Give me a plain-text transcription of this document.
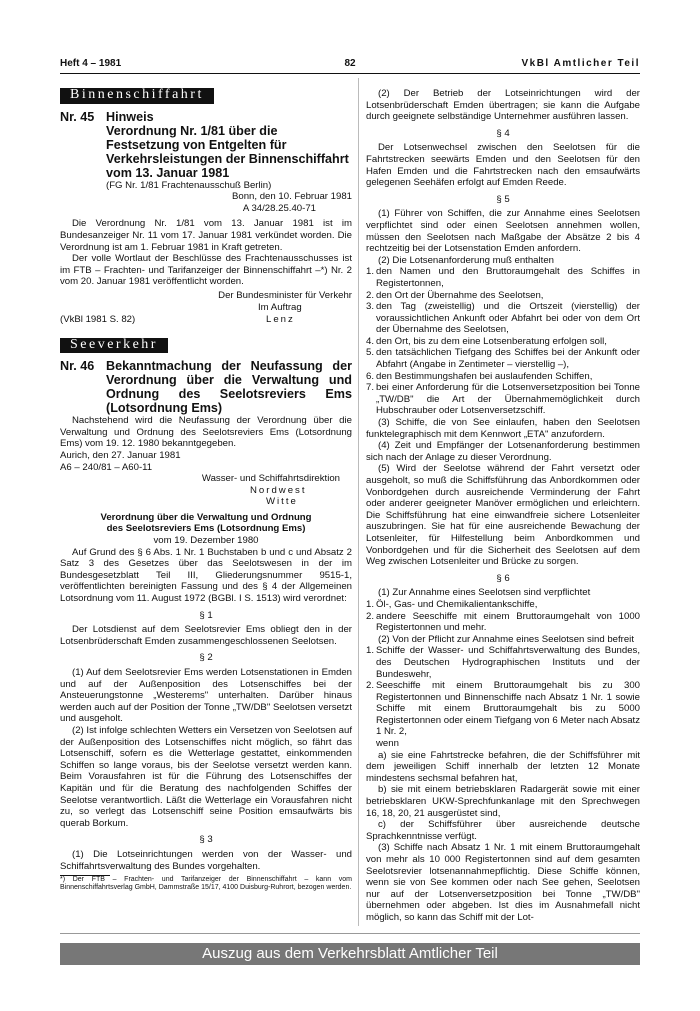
Heft 4 – 1981	82	VkBl Amtlicher Teil
Binnenschiffahrt
Nr. 45 Hinweis
Verordnung Nr. 1/81 über die Festsetzung von Entgelten für Verkehrsleistungen der Binnenschiffahrt vom 13. Januar 1981
(FG Nr. 1/81 Frachtenausschuß Berlin)
Bonn, den 10. Februar 1981
A 34/28.25.40-71

Die Verordnung Nr. 1/81 vom 13. Januar 1981 ist im Bundesanzeiger Nr. 11 vom 17. Januar 1981 verkündet worden. Die Verordnung ist am 1. Februar 1981 in Kraft getreten.

Der volle Wortlaut der Beschlüsse des Frachtenausschusses ist im FTB – Frachten- und Tarifanzeiger der Binnenschiffahrt –*) Nr. 2 vom 20. Januar 1981 veröffentlicht worden.

Der Bundesminister für Verkehr
(VkBl 1981 S. 82)
Im Auftrag
Lenz
Seeverkehr
Nr. 46 Bekanntmachung der Neufassung der Verordnung über die Verwaltung und Ordnung des Seelotsreviers Ems (Lotsordnung Ems)

Nachstehend wird die Neufassung der Verordnung über die Verwaltung und Ordnung des Seelotsreviers Ems (Lotsordnung Ems) vom 19. 12. 1980 bekanntgegeben.

Aurich, den 27. Januar 1981
A6 – 240/81 – A60-11
Wasser- und Schiffahrtsdirektion
Nordwest
Witte
Verordnung über die Verwaltung und Ordnung
des Seelotsreviers Ems (Lotsordnung Ems)
vom 19. Dezember 1980

Auf Grund des § 6 Abs. 1 Nr. 1 Buchstaben b und c und Absatz 2 Satz 3 des Gesetzes über das Seelotswesen in der im Bundesgesetzblatt Teil III, Gliederungsnummer 9515-1, veröffentlichten bereinigten Fassung und des § 4 der Allgemeinen Lotsordnung vom 11. August 1972 (BGBl. I S. 1513) wird verordnet:

§ 1

Der Lotsdienst auf dem Seelotsrevier Ems obliegt den in der Lotsenbrüderschaft Emden zusammengeschlossenen Seelotsen.

§ 2

(1) Auf dem Seelotsrevier Ems werden Lotsenstationen in Emden und auf der Außenposition des Lotsenschiffes bei der Ansteuerungstonne „Westerems" unterhalten. Darüber hinaus werden auch auf der Position der Tonne „TW/DB" Seelotsen versetzt und ausgeholt.

(2) Ist infolge schlechten Wetters ein Versetzen von Seelotsen auf der Außenposition des Lotsenschiffes nicht möglich, so fährt das Lotsenschiff, sofern es die Wetterlage gestattet, einkommenden Schiffen so lange voraus, bis der Seelotse versetzt werden kann. Beim Vorausfahren ist für die Führung des Lotsenschiffes der Kapitän und für die Beratung des nachfolgenden Schiffes der Seelotse verantwortlich. Läßt die Wetterlage ein Vorausfahren nicht zu, so verlegt das Lotsenschiff seine Position emsaufwärts bis querab Borkum.

§ 3

(1) Die Lotseinrichtungen werden von der Wasser- und Schiffahrtsverwaltung des Bundes vorgehalten.

*) Der FTB – Frachten- und Tarifanzeiger der Binnenschiffahrt – kann vom Binnenschiffahrtsverlag GmbH, Dammstraße 15/17, 4100 Duisburg-Ruhrort, bezogen werden.

(2) Der Betrieb der Lotseinrichtungen wird der Lotsenbrüderschaft Emden übertragen; sie kann die Aufgabe durch geeignete selbständige Unternehmer ausführen lassen.

§ 4

Der Lotsenwechsel zwischen den Seelotsen für die Fahrtstrecken seewärts Emden und den Seelotsen für den Hafen Emden und die Fahrtstrecken nach den emsaufwärts gelegenen Seehäfen erfolgt auf Emden Reede.

§ 5

(1) Führer von Schiffen, die zur Annahme eines Seelotsen verpflichtet sind oder einen Seelotsen annehmen wollen, müssen den Seelotsen nach Maßgabe der Absätze 2 bis 4 rechtzeitig bei der Lotsenstation Emden anfordern.

(2) Die Lotsenanforderung muß enthalten

1. den Namen und den Bruttoraumgehalt des Schiffes in Registertonnen,
2. den Ort der Übernahme des Seelotsen,
3. den Tag (zweistellig) und die Ortszeit (vierstellig) der voraussichtlichen Ankunft oder Abfahrt bei oder von dem Ort der Übernahme des Seelotsen,
4. den Ort, bis zu dem eine Lotsenberatung erfolgen soll,
5. den tatsächlichen Tiefgang des Schiffes bei der Ankunft oder Abfahrt (Angabe in Zentimeter – vierstellig –),
6. den Bestimmungshafen bei auslaufenden Schiffen,
7. bei einer Anforderung für die Lotsenversetzposition bei Tonne „TW/DB" die Art der Übernahmemöglichkeit durch Hubschrauber oder Lotsenversetzschiff.

(3) Schiffe, die von See einlaufen, haben den Seelotsen funktelegraphisch mit dem Kennwort „ETA" anzufordern.

(4) Zeit und Empfänger der Lotsenanforderung bestimmen sich nach der Anlage zu dieser Verordnung.

(5) Wird der Seelotse während der Fahrt versetzt oder ausgeholt, so muß die Schiffsführung das Anbordkommen oder Vonbordgehen durch ausreichende Verminderung der Fahrt oder anderer geeigneter Manöver ermöglichen und erleichtern. Die Schiffsführung hat eine einwandfreie sichere Lotsenleiter auszubringen. Sie hat für eine ausreichende Bewachung der Lotsenleiter, für Hilfestellung beim Anbordkommen und Vonbordgehen und für die Sicherheit des Seelotsen auf dem Weg zwischen Lotsenleiter und Brücke zu sorgen.

§ 6

(1) Zur Annahme eines Seelotsen sind verpflichtet

1. Öl-, Gas- und Chemikalientankschiffe,
2. andere Seeschiffe mit einem Bruttoraumgehalt von 1000 Registertonnen und mehr.

(2) Von der Pflicht zur Annahme eines Seelotsen sind befreit

1. Schiffe der Wasser- und Schiffahrtsverwaltung des Bundes, des Deutschen Hydrographischen Instituts und der Bundeswehr,
2. Seeschiffe mit einem Bruttoraumgehalt bis zu 300 Registertonnen und Binnenschiffe nach Absatz 1 Nr. 1 sowie Schiffe mit einem Bruttoraumgehalt bis zu 5000 Registertonnen oder einem Tiefgang von 6 Meter nach Absatz 1 Nr. 2,
wenn

a) sie eine Fahrtstrecke befahren, die der Schiffsführer mit dem jeweiligen Schiff innerhalb der letzten 12 Monate mindestens sechsmal befahren hat,

b) sie mit einem betriebsklaren Radargerät sowie mit einer betriebsklaren UKW-Sprechfunkanlage mit den Sprechwegen 16, 18, 20, 21 ausgerüstet sind,

c) der Schiffsführer über ausreichende deutsche Sprachkenntnisse verfügt.

(3) Schiffe nach Absatz 1 Nr. 1 mit einem Bruttoraumgehalt von mehr als 10 000 Registertonnen sind auf dem gesamten Seelotsrevier lotsenannahmepflichtig. Diese Schiffe können, wenn sie von See kommen oder nach See gehen, Seelotsen nur auf der Lotsenversetzposition bei Tonne „TW/DB" übernehmen oder abgeben. Ist dies im Ausnahmefall nicht möglich, so kann das Schiff mit der Lot-

Auszug aus dem Verkehrsblatt Amtlicher Teil
